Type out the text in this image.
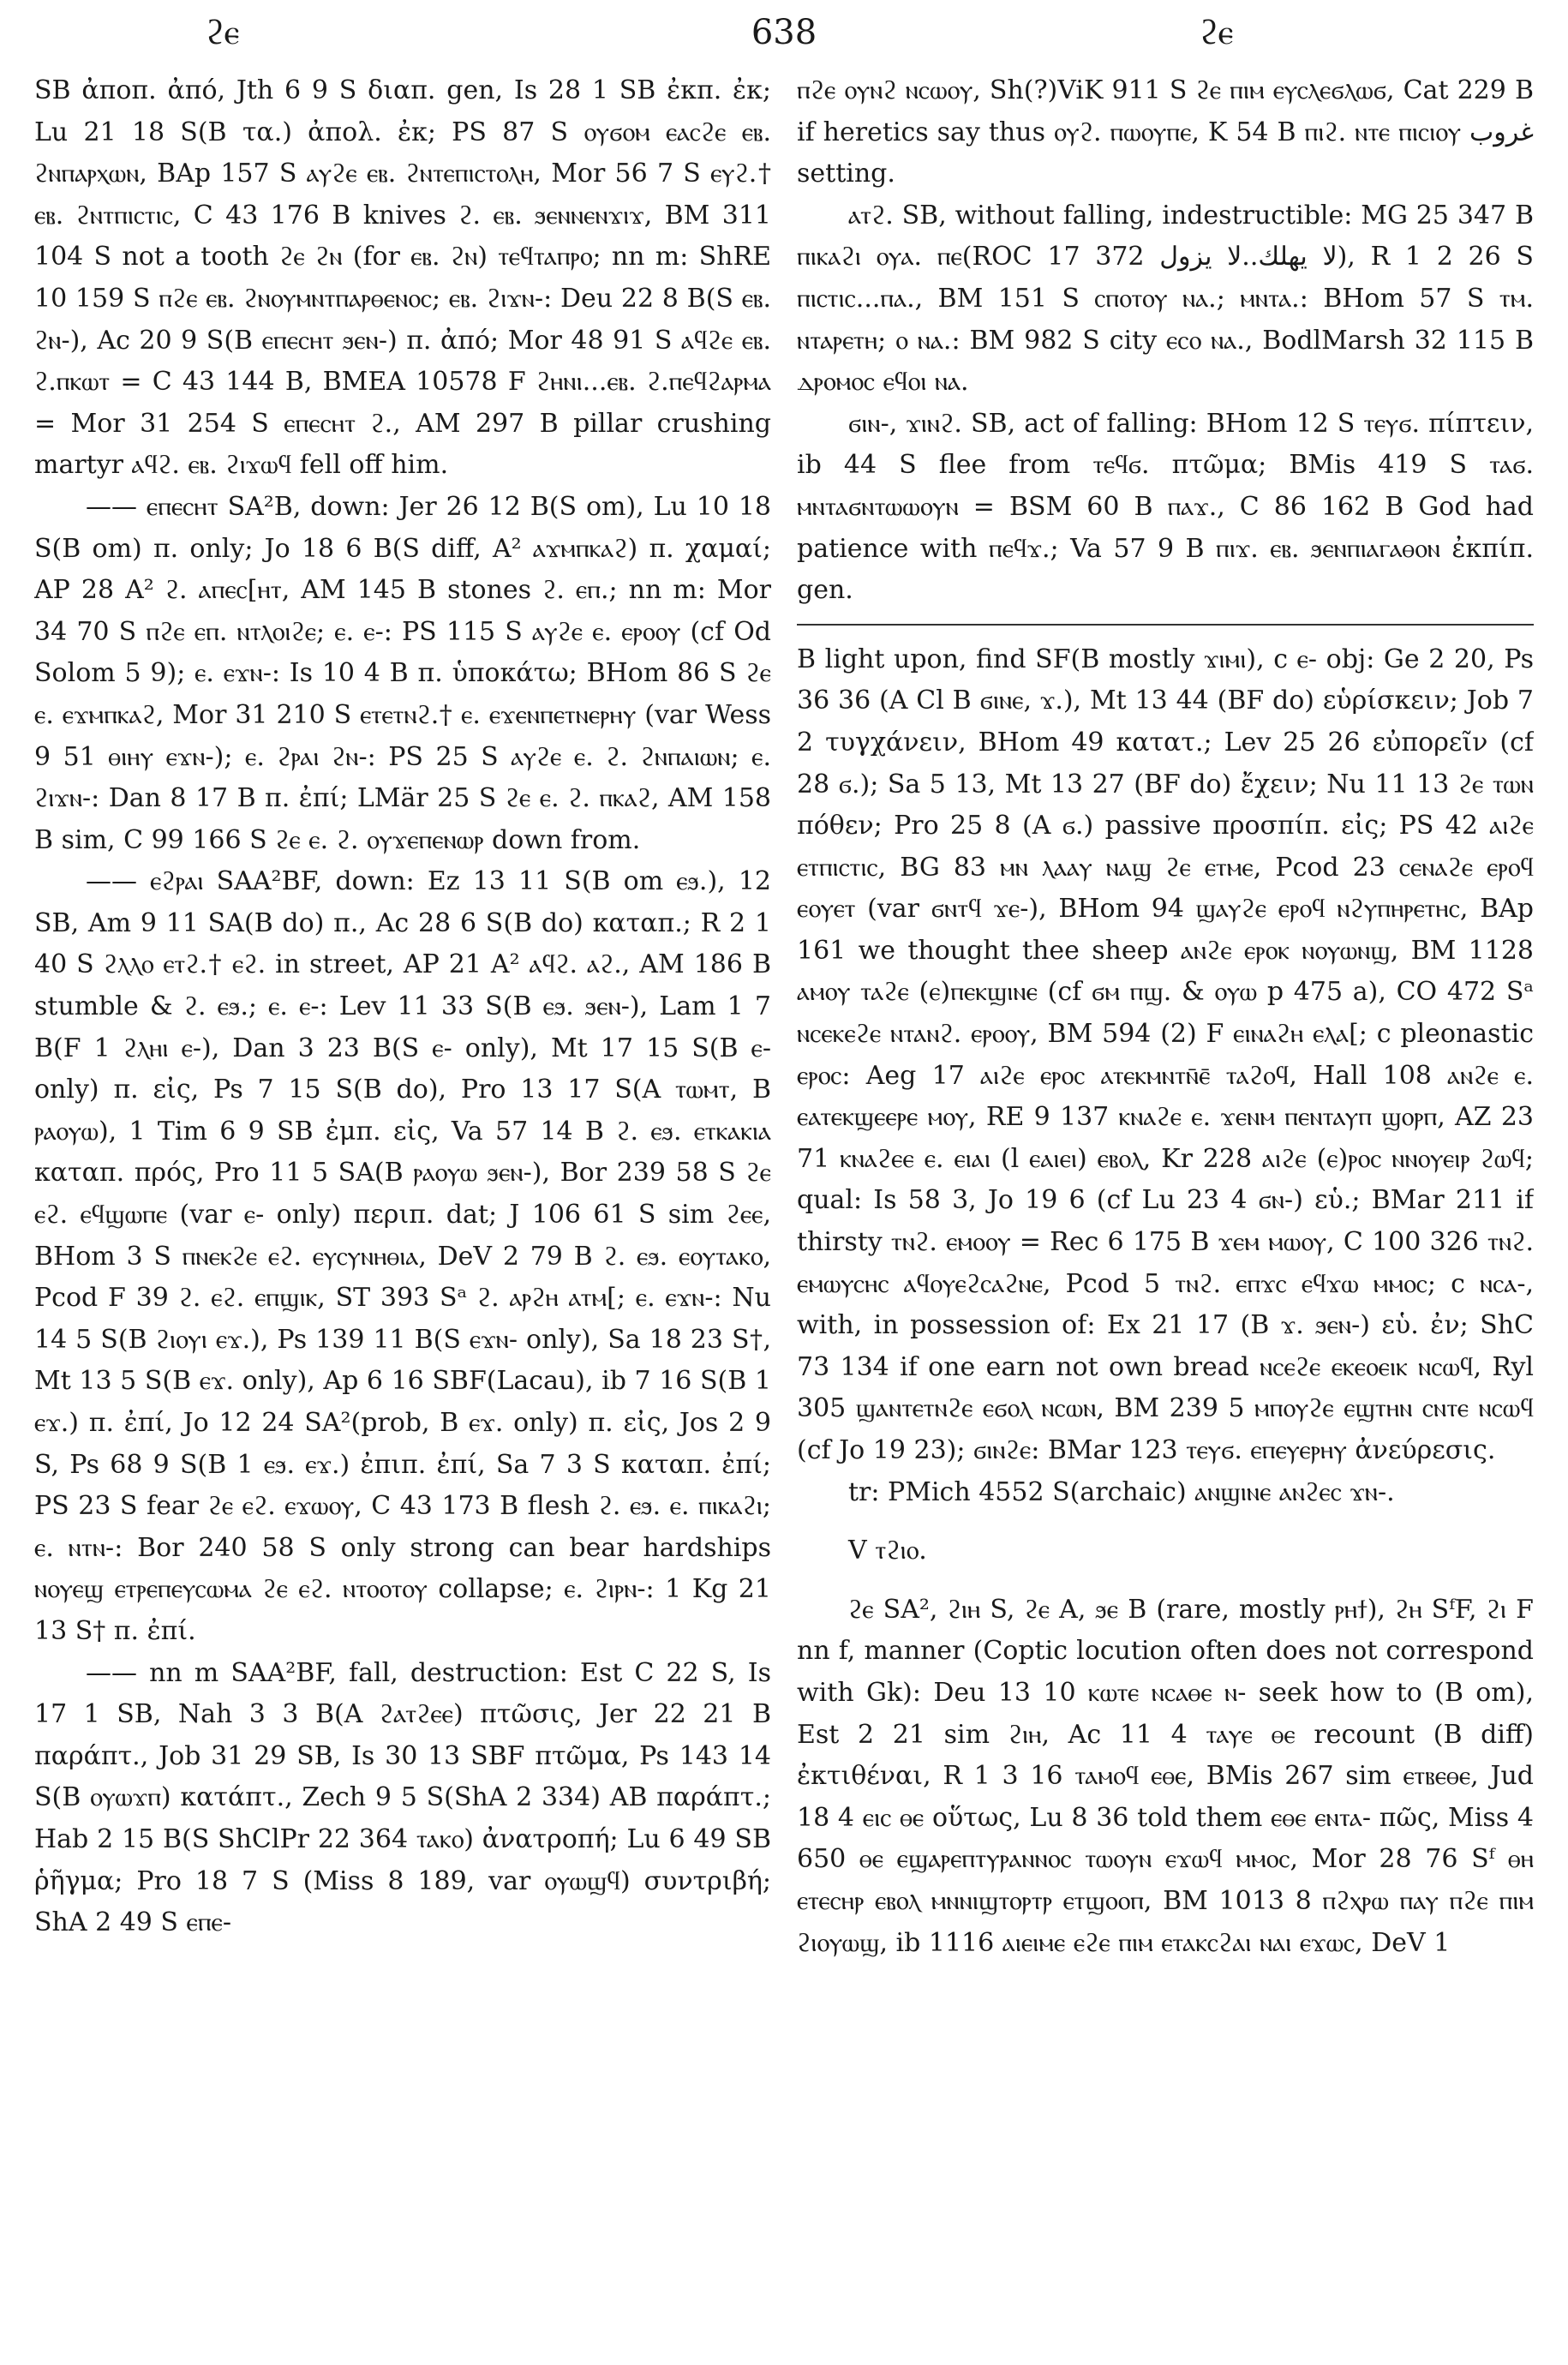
ϩⲉ	638	ϩⲉ

SB ἀποπ. ἀπό, Jth 6 9 S διαπ. gen, Is 28 1 SB ἐκπ. ἐκ; Lu 21 18 S(B τα.) ἀπολ. ἐκ; PS 87 S ⲟⲩϭⲟⲙ ⲉⲁⲥϩⲉ ⲉⲃ. ϩⲛⲡⲁⲣⲭⲱⲛ, BAp 157 S ⲁⲩϩⲉ ⲉⲃ. ϩⲛⲧⲉⲡⲓⲥⲧⲟⲗⲏ, Mor 56 7 S ⲉⲩϩ.† ⲉⲃ. ϩⲛⲧⲡⲓⲥⲧⲓⲥ, C 43 176 B knives ϩ. ⲉⲃ. ϧⲉⲛⲛⲉⲛϫⲓϫ, BM 311 104 S not a tooth ϩⲉ ϩⲛ (for ⲉⲃ. ϩⲛ) ⲧⲉϥⲧⲁⲡⲣⲟ; nn m: ShRE 10 159 S ⲡϩⲉ ⲉⲃ. ϩⲛⲟⲩⲙⲛⲧⲡⲁⲣⲑⲉⲛⲟⲥ; ⲉⲃ. ϩⲓϫⲛ-: Deu 22 8 B(S ⲉⲃ. ϩⲛ-), Ac 20 9 S(B ⲉⲡⲉⲥⲏⲧ ϧⲉⲛ-) π. ἀπό; Mor 48 91 S ⲁϥϩⲉ ⲉⲃ. ϩ.ⲡⲕⲱⲧ = C 43 144 B, BMEA 10578 F ϩⲏⲛⲓ...ⲉⲃ. ϩ.ⲡⲉϥϩⲁⲣⲙⲁ = Mor 31 254 S ⲉⲡⲉⲥⲏⲧ ϩ., AM 297 B pillar crushing martyr ⲁϥϩ. ⲉⲃ. ϩⲓϫⲱϥ fell off him.

—— ⲉⲡⲉⲥⲏⲧ SA²B, down: Jer 26 12 B(S om), Lu 10 18 S(B om) π. only; Jo 18 6 B(S diff, A² ⲁϫⲙⲡⲕⲁϩ) π. χαμαί; AP 28 A² ϩ. ⲁⲡⲉⲥ[ⲏⲧ, AM 145 B stones ϩ. ⲉⲡ.; nn m: Mor 34 70 S ⲡϩⲉ ⲉⲡ. ⲛⲧⲗⲟⲓϩⲉ; ⲉ. ⲉ-: PS 115 S ⲁⲩϩⲉ ⲉ. ⲉⲣⲟⲟⲩ (cf Od Solom 5 9); ⲉ. ⲉϫⲛ-: Is 10 4 B π. ὑποκάτω; BHom 86 S ϩⲉ ⲉ. ⲉϫⲙⲡⲕⲁϩ, Mor 31 210 S ⲉⲧⲉⲧⲛϩ.† ⲉ. ⲉϫⲉⲛⲡⲉⲧⲛⲉⲣⲏⲩ (var Wess 9 51 ⲑⲓⲏⲩ ⲉϫⲛ-); ⲉ. ϩⲣⲁⲓ ϩⲛ-: PS 25 S ⲁⲩϩⲉ ⲉ. ϩ. ϩⲛⲡⲁⲓⲱⲛ; ⲉ. ϩⲓϫⲛ-: Dan 8 17 B π. ἐπί; LMär 25 S ϩⲉ ⲉ. ϩ. ⲡⲕⲁϩ, AM 158 B sim, C 99 166 S ϩⲉ ⲉ. ϩ. ⲟⲩϫⲉⲡⲉⲛⲱⲣ down from.

—— ⲉϩⲣⲁⲓ SAA²BF, down: Ez 13 11 S(B om ⲉϧ.), 12 SB, Am 9 11 SA(B do) π., Ac 28 6 S(B do) καταπ.; R 2 1 40 S ϩⲗⲗⲟ ⲉⲧϩ.† ⲉϩ. in street, AP 21 A² ⲁϥϩ. ⲁϩ., AM 186 B stumble & ϩ. ⲉϧ.; ⲉ. ⲉ-: Lev 11 33 S(B ⲉϧ. ϧⲉⲛ-), Lam 1 7 B(F 1 ϩⲗⲏⲓ ⲉ-), Dan 3 23 B(S ⲉ- only), Mt 17 15 S(B ⲉ- only) π. εἰς, Ps 7 15 S(B do), Pro 13 17 S(A ⲧⲱⲙⲧ, B ⲣⲁⲟⲩⲱ), 1 Tim 6 9 SB ἐμπ. εἰς, Va 57 14 B ϩ. ⲉϧ. ⲉⲧⲕⲁⲕⲓⲁ καταπ. πρός, Pro 11 5 SA(B ⲣⲁⲟⲩⲱ ϧⲉⲛ-), Bor 239 58 S ϩⲉ ⲉϩ. ⲉϥϣⲱⲡⲉ (var ⲉ- only) περιπ. dat; J 106 61 S sim ϩⲉⲉ, BHom 3 S ⲡⲛⲉⲕϩⲉ ⲉϩ. ⲉⲩⲥⲩⲛⲏⲑⲓⲁ, DeV 2 79 B ϩ. ⲉϧ. ⲉⲟⲩⲧⲁⲕⲟ, Pcod F 39 ϩ. ⲉϩ. ⲉⲡϣⲓⲕ, ST 393 Sᵃ ϩ. ⲁⲣϩⲏ ⲁⲧⲙ[; ⲉ. ⲉϫⲛ-: Nu 14 5 S(B ϩⲓⲟⲩⲓ ⲉϫ.), Ps 139 11 B(S ⲉϫⲛ- only), Sa 18 23 S†, Mt 13 5 S(B ⲉϫ. only), Ap 6 16 SBF(Lacau), ib 7 16 S(B 1 ⲉϫ.) π. ἐπί, Jo 12 24 SA²(prob, B ⲉϫ. only) π. εἰς, Jos 2 9 S, Ps 68 9 S(B 1 ⲉϧ. ⲉϫ.) ἐπιπ. ἐπί, Sa 7 3 S καταπ. ἐπί; PS 23 S fear ϩⲉ ⲉϩ. ⲉϫⲱⲟⲩ, C 43 173 B flesh ϩ. ⲉϧ. ⲉ. ⲡⲓⲕⲁϩⲓ; ⲉ. ⲛⲧⲛ-: Bor 240 58 S only strong can bear hardships ⲛⲟⲩⲉϣ ⲉⲧⲣⲉⲡⲉⲩⲥⲱⲙⲁ ϩⲉ ⲉϩ. ⲛⲧⲟⲟⲧⲟⲩ collapse; ⲉ. ϩⲓⲣⲛ-: 1 Kg 21 13 S† π. ἐπί.

—— nn m SAA²BF, fall, destruction: Est C 22 S, Is 17 1 SB, Nah 3 3 B(A ϩⲁⲧϩⲉⲉ) πτῶσις, Jer 22 21 B παράπτ., Job 31 29 SB, Is 30 13 SBF πτῶμα, Ps 143 14 S(B ⲟⲩⲱϫⲡ) κατάπτ., Zech 9 5 S(ShA 2 334) AB παράπτ.; Hab 2 15 B(S ShClPr 22 364 ⲧⲁⲕⲟ) ἀνατροπή; Lu 6 49 SB ῥῆγμα; Pro 18 7 S (Miss 8 189, var ⲟⲩⲱϣϥ) συντριβή; ShA 2 49 S ⲉⲡⲉ-

ⲡϩⲉ ⲟⲩⲛϩ ⲛⲥⲱⲟⲩ, Sh(?)ViK 911 S ϩⲉ ⲡⲓⲙ ⲉⲩⲥⲗⲉϭⲗⲱϭ, Cat 229 B if heretics say thus ⲟⲩϩ. ⲡⲱⲟⲩⲡⲉ, K 54 B ⲡⲓϩ. ⲛⲧⲉ ⲡⲓⲥⲓⲟⲩ غروب setting.

ⲁⲧϩ. SB, without falling, indestructible: MG 25 347 B ⲡⲓⲕⲁϩⲓ ⲟⲩⲁ. ⲡⲉ(ROC 17 372 لا يهلك..لا يزول), R 1 2 26 S ⲡⲓⲥⲧⲓⲥ...ⲡⲁ., BM 151 S ⲥⲡⲟⲧⲟⲩ ⲛⲁ.; ⲙⲛⲧⲁ.: BHom 57 S ⲧⲙ. ⲛⲧⲁⲣⲉⲧⲏ; ⲟ ⲛⲁ.: BM 982 S city ⲉⲥⲟ ⲛⲁ., BodlMarsh 32 115 B ⲇⲣⲟⲙⲟⲥ ⲉϥⲟⲓ ⲛⲁ.

ϭⲓⲛ-, ϫⲓⲛϩ. SB, act of falling: BHom 12 S ⲧⲉⲩϭ. πίπτειν, ib 44 S flee from ⲧⲉϥϭ. πτῶμα; BMis 419 S ⲧⲁϭ. ⲙⲛⲧⲁϭⲛⲧⲱⲱⲟⲩⲛ = BSM 60 B ⲡⲁϫ., C 86 162 B God had patience with ⲡⲉϥϫ.; Va 57 9 B ⲡⲓϫ. ⲉⲃ. ϧⲉⲛⲡⲓⲁⲅⲁⲑⲟⲛ ἐκπίπ. gen.

B light upon, find SF(B mostly ϫⲓⲙⲓ), c ⲉ- obj: Ge 2 20, Ps 36 36 (A Cl B ϭⲓⲛⲉ, ϫ.), Mt 13 44 (BF do) εὑρίσκειν; Job 7 2 τυγχάνειν, BHom 49 κατατ.; Lev 25 26 εὐπορεῖν (cf 28 ϭ.); Sa 5 13, Mt 13 27 (BF do) ἔχειν; Nu 11 13 ϩⲉ ⲧⲱⲛ πόθεν; Pro 25 8 (A ϭ.) passive προσπίπ. εἰς; PS 42 ⲁⲓϩⲉ ⲉⲧⲡⲓⲥⲧⲓⲥ, BG 83 ⲙⲛ ⲗⲁⲁⲩ ⲛⲁϣ ϩⲉ ⲉⲧⲙⲉ, Pcod 23 ⲥⲉⲛⲁϩⲉ ⲉⲣⲟϥ ⲉⲟⲩⲉⲧ (var ϭⲛⲧϥ ϫⲉ-), BHom 94 ϣⲁⲩϩⲉ ⲉⲣⲟϥ ⲛϩⲩⲡⲏⲣⲉⲧⲏⲥ, BAp 161 we thought thee sheep ⲁⲛϩⲉ ⲉⲣⲟⲕ ⲛⲟⲩⲱⲛϣ, BM 1128 ⲁⲙⲟⲩ ⲧⲁϩⲉ (ⲉ)ⲡⲉⲕϣⲓⲛⲉ (cf ϭⲙ ⲡϣ. & ⲟⲩⲱ p 475 a), CO 472 Sᵃ ⲛⲥⲉⲕⲉϩⲉ ⲛⲧⲁⲛϩ. ⲉⲣⲟⲟⲩ, BM 594 (2) F ⲉⲓⲛⲁϩⲏ ⲉⲗⲁ[; c pleonastic ⲉⲣⲟⲥ: Aeg 17 ⲁⲓϩⲉ ⲉⲣⲟⲥ ⲁⲧⲉⲕⲙⲛⲧⲛ̄ⲉ̄ ⲧⲁϩⲟϥ, Hall 108 ⲁⲛϩⲉ ⲉ. ⲉⲁⲧⲉⲕϣⲉⲉⲣⲉ ⲙⲟⲩ, RE 9 137 ⲕⲛⲁϩⲉ ⲉ. ϫⲉⲛⲙ ⲡⲉⲛⲧⲁⲩⲡ ϣⲟⲣⲡ, AZ 23 71 ⲕⲛⲁϩⲉⲉ ⲉ. ⲉⲓⲁⲓ (l ⲉⲁⲓⲉⲓ) ⲉⲃⲟⲗ, Kr 228 ⲁⲓϩⲉ (ⲉ)ⲣⲟⲥ ⲛⲛⲟⲩⲉⲓⲣ ϩⲱϥ; qual: Is 58 3, Jo 19 6 (cf Lu 23 4 ϭⲛ-) εὑ.; BMar 211 if thirsty ⲧⲛϩ. ⲉⲙⲟⲟⲩ = Rec 6 175 B ϫⲉⲙ ⲙⲱⲟⲩ, C 100 326 ⲧⲛϩ. ⲉⲙⲱⲩⲥⲏⲥ ⲁϥⲟⲩⲉϩⲥⲁϩⲛⲉ, Pcod 5 ⲧⲛϩ. ⲉⲡϫⲥ ⲉϥϫⲱ ⲙⲙⲟⲥ; c ⲛⲥⲁ-, with, in possession of: Ex 21 17 (B ϫ. ϧⲉⲛ-) εὑ. ἐν; ShC 73 134 if one earn not own bread ⲛⲥⲉϩⲉ ⲉⲕⲉⲟⲉⲓⲕ ⲛⲥⲱϥ, Ryl 305 ϣⲁⲛⲧⲉⲧⲛϩⲉ ⲉϭⲟⲗ ⲛⲥⲱⲛ, BM 239 5 ⲙⲡⲟⲩϩⲉ ⲉϣⲧⲏⲛ ⲥⲛⲧⲉ ⲛⲥⲱϥ (cf Jo 19 23); ϭⲓⲛϩⲉ: BMar 123 ⲧⲉⲩϭ. ⲉⲡⲉⲩⲉⲣⲏⲩ ἀνεύρεσις.

tr: PMich 4552 S(archaic) ⲁⲛϣⲓⲛⲉ ⲁⲛϩⲉⲥ ϫⲛ-.

V ⲧϩⲓⲟ.

ϩⲉ SA², ϩⲓⲏ S, ϩⲉ A, ϧⲉ B (rare, mostly ⲣⲏϯ), ϩⲏ SᶠF, ϩⲓ F nn f, manner (Coptic locution often does not correspond with Gk): Deu 13 10 ⲕⲱⲧⲉ ⲛⲥⲁⲑⲉ ⲛ- seek how to (B om), Est 2 21 sim ϩⲓⲏ, Ac 11 4 ⲧⲁⲩⲉ ⲑⲉ recount (B diff) ἐκτιθέναι, R 1 3 16 ⲧⲁⲙⲟϥ ⲉⲑⲉ, BMis 267 sim ⲉⲧⲃⲉⲑⲉ, Jud 18 4 ⲉⲓⲥ ⲑⲉ οὕτως, Lu 8 36 told them ⲉⲑⲉ ⲉⲛⲧⲁ- πῶς, Miss 4 650 ⲑⲉ ⲉϣⲁⲣⲉⲡⲧⲩⲣⲁⲛⲛⲟⲥ ⲧⲱⲟⲩⲛ ⲉϫⲱϥ ⲙⲙⲟⲥ, Mor 28 76 Sᶠ ⲑⲏ ⲉⲧⲉⲥⲏⲣ ⲉⲃⲟⲗ ⲙⲛⲛⲓϣⲧⲟⲣⲧⲣ ⲉⲧϣⲟⲟⲡ, BM 1013 8 ⲡϩⲭⲣⲱ ⲡⲁⲩ ⲡϩⲉ ⲡⲓⲙ ϩⲓⲟⲩⲱϣ, ib 1116 ⲁⲓⲉⲓⲙⲉ ⲉϩⲉ ⲡⲓⲙ ⲉⲧⲁⲕⲥϩⲁⲓ ⲛⲁⲓ ⲉϫⲱⲥ, DeV 1
